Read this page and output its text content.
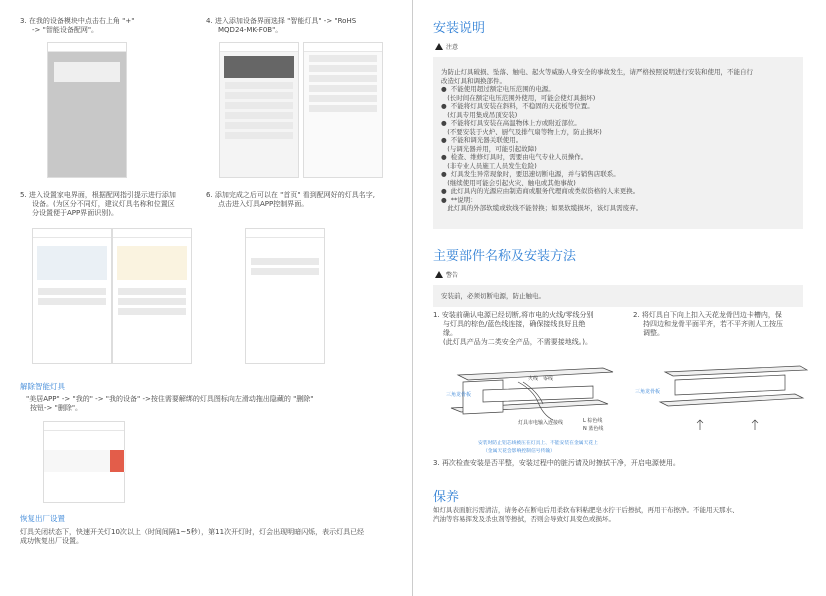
3. 在我的设备模块中点击右上角 "+"
-> "智能设备配网"。
4. 进入添加设备界面选择 "智能灯具" -> "RoHS
MQD24-MK-F0B"。
5. 进入设置家电界面，根据配网指引提示进行添加
设备。(为区分不同灯，建议灯具名称和位置区
分设置便于APP界面识别)。
6. 添加完成之后可以在 "首页" 看到配网好的灯具名字,
点击进入灯具APP控制界面。
解除智能灯具
"美居APP" -> "我的" -> "我的设备" ->按住需要解绑的灯具图标向左滑动拖出隐藏的 "删除"
按钮-> "删除"。
恢复出厂设置
灯具关闭状态下，快速开关灯10次以上（时间间隔1~5秒），第11次开灯时，灯会出现明暗闪烁，表示灯具已经
成功恢复出厂设置。
安装说明
注意
为防止灯具破损、坠落、触电、起火等威胁人身安全的事故发生，请严格按照说明进行安装和使用，不能自行
改造灯具和调换部件。
●  不能使用超过额定电压范围的电源。
(长时间在额定电压范围外使用，可能会使灯具损坏)
●  不能将灯具安装在斜料，不稳固的天花板等位置。
(灯具专用集成吊顶安装)
●  不能将灯具安装在高温物体上方或附近部位。
(不要安装于火炉、厨气及排气扇等物上方，防止损坏)
●  不能和调光器关联使用。
(与调光器并用，可能引起故障)
●  检查、维修灯具时，需要由电气专业人员操作。
(非专业人员施工人员发生危险)
●  灯具发生异常现象时，要迅速切断电源，并与销售店联系。
(继续使用可能会引起火灾、触电或其他事故)
●  此灯具内的光源应由制造商或服务代理商或类似资格的人来更换。
●  **说明：
此灯具的外部软缆或软线不能替换；如果软缆损坏，该灯具需废弃。
主要部件名称及安装方法
警告
安装前，必须切断电源，防止触电。
1. 安装前确认电源已经切断,将市电的火线/零线分别
与灯具的棕色/蓝色线连接，确保接线良好且绝
缘。
(此灯具产品为二类安全产品，不需要接地线。)。
2. 将灯具自下向上扣入天花龙骨凹边卡槽内，保
持四边和龙骨平面平齐，若不平齐则人工按压
调整。
火线 零线
三角龙骨板
灯具市电输入连接线	L 棕色线
N 蓝色线
安装时防止铝芯线被压在灯具上、不能安装在金属天花上
（金属天花会影响控制信号传输）
三角龙骨板
3. 再次检查安装是否平整，安装过程中的脏污请及时擦拭干净，开启电源使用。
保养
如灯具表面脏污需清洁，请务必在断电后用柔软布料粘肥皂水拧干后擦拭，再用干布擦净。不能用天那水、
汽油等容易挥发及杀虫剂等擦拭，否则会导致灯具变色或损坏。
